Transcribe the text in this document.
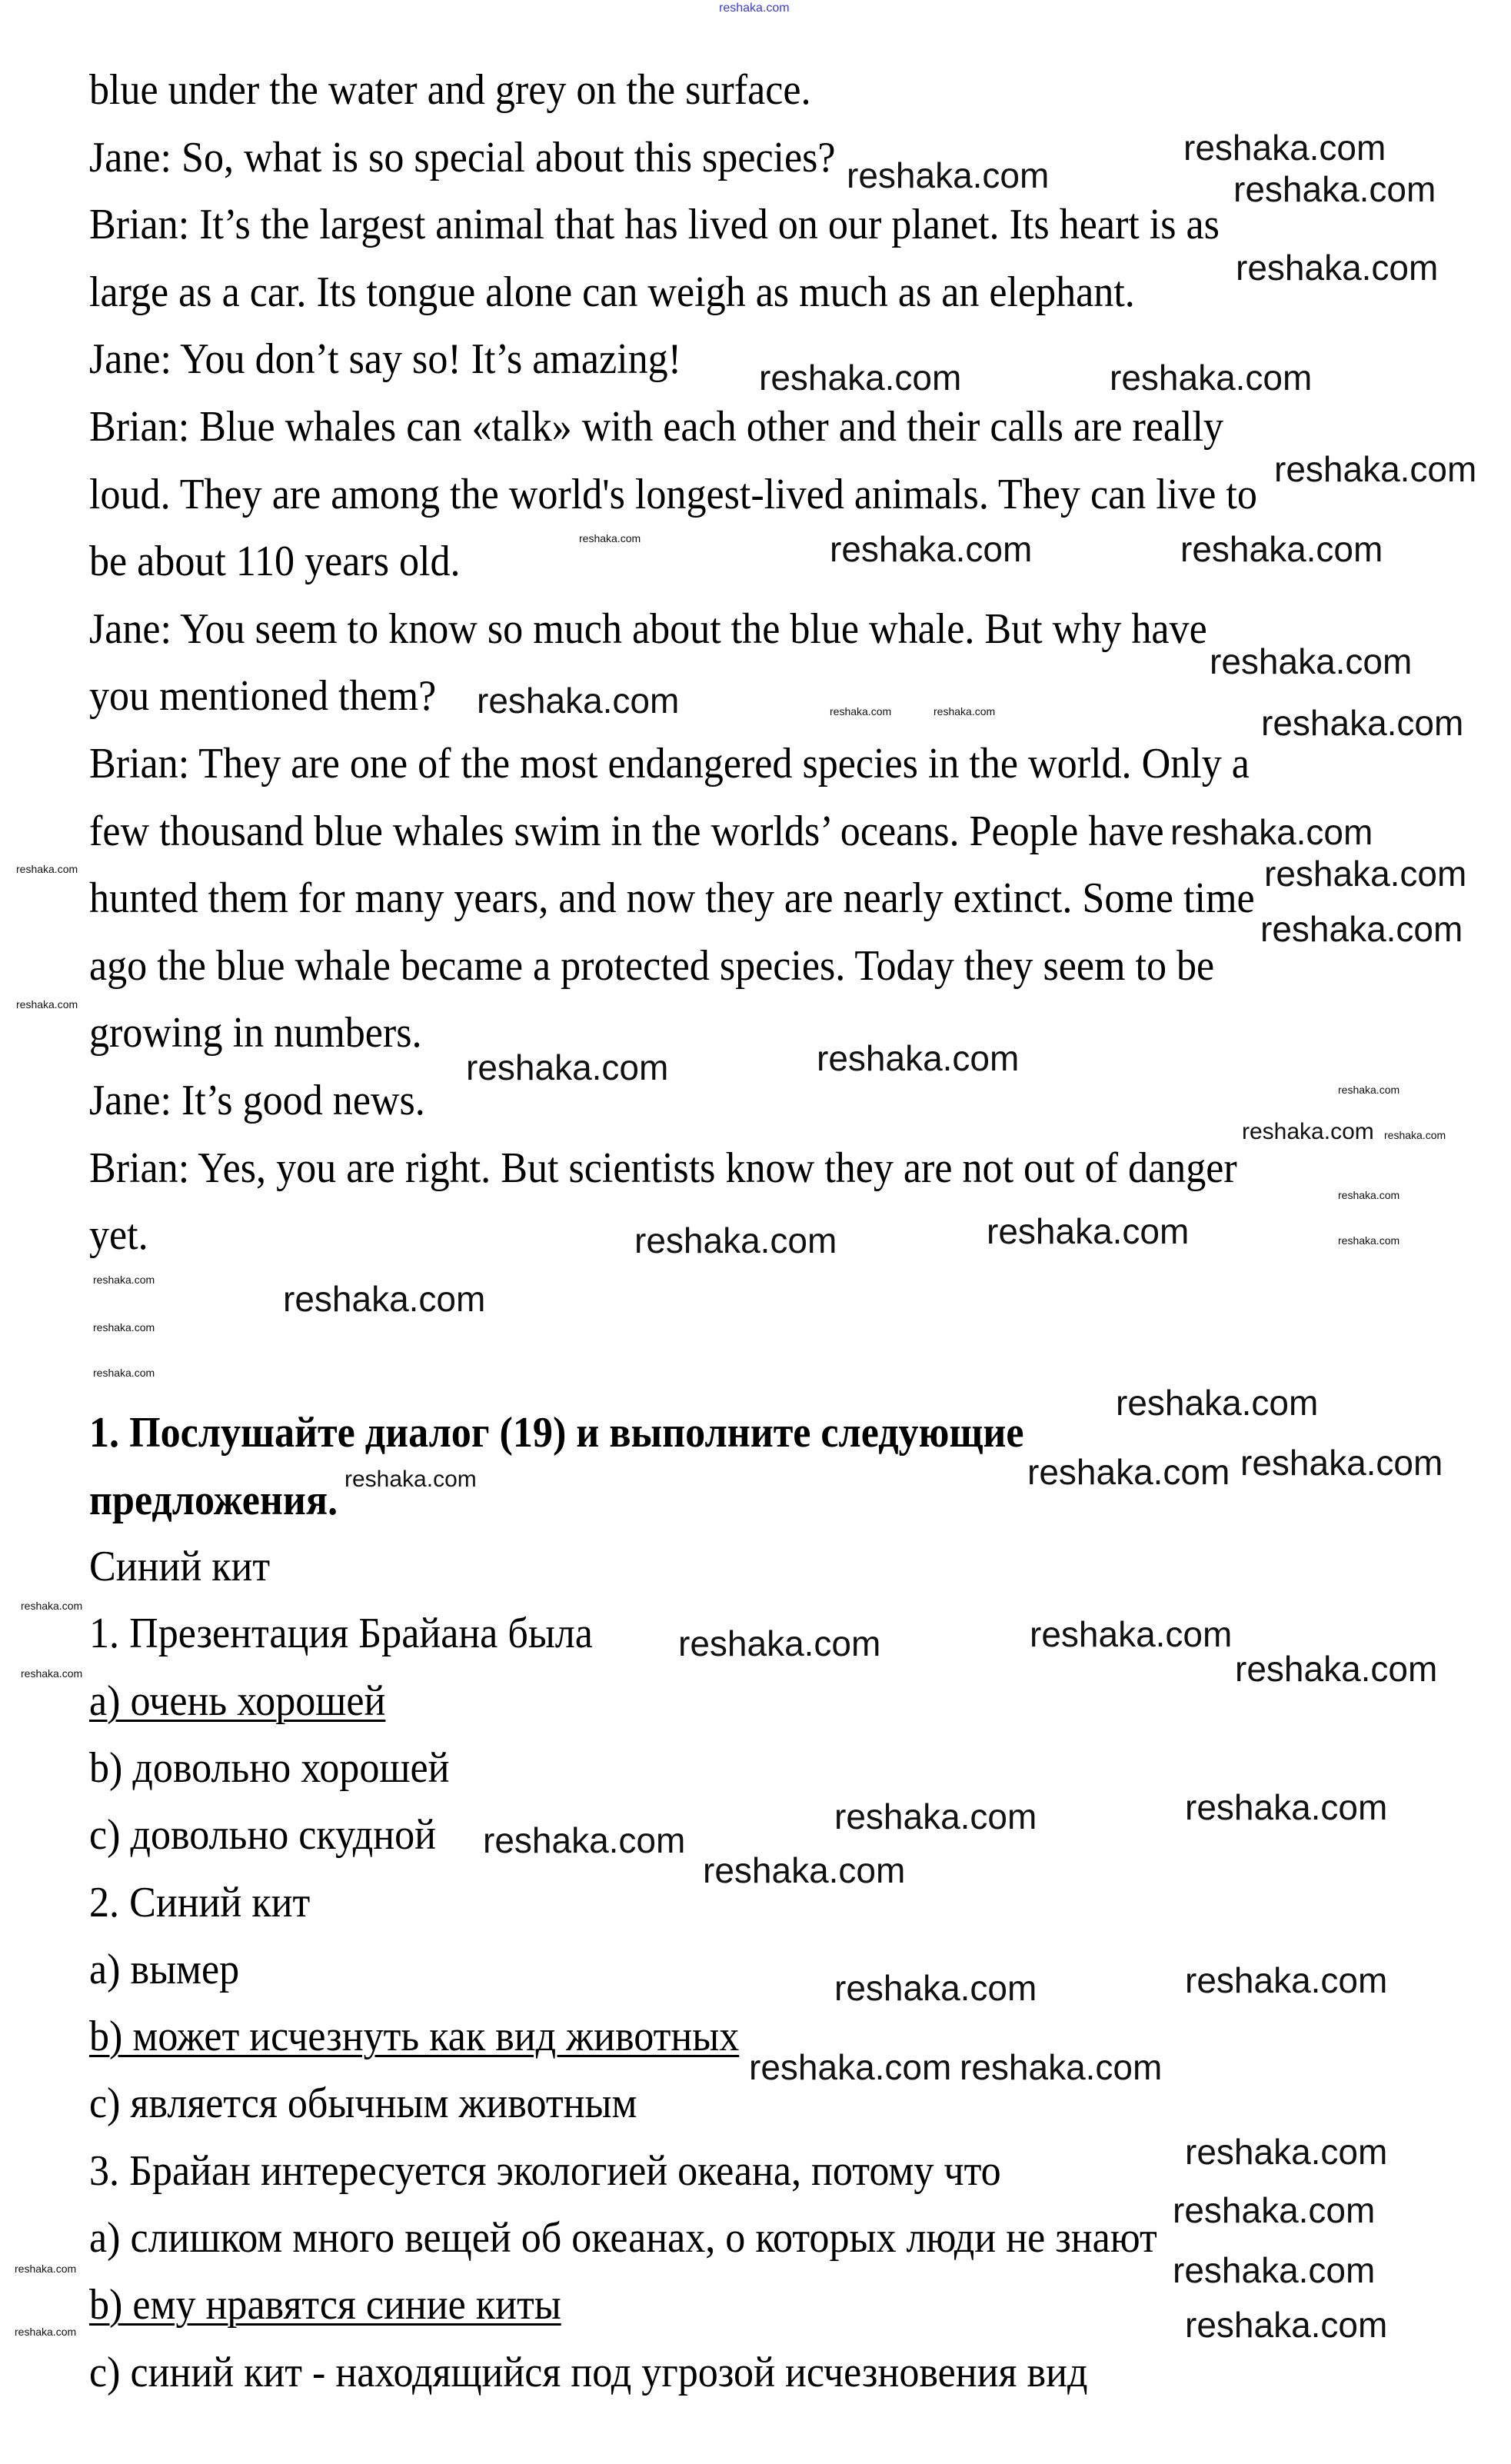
reshaka.com
blue under the water and grey on the surface.
Jane: So, what is so special about this species?
Brian: It’s the largest animal that has lived on our planet. Its heart is as
large as a car. Its tongue alone can weigh as much as an elephant.
Jane: You don’t say so! It’s amazing!
Brian: Blue whales can «talk» with each other and their calls are really
loud. They are among the world's longest-lived animals. They can live to
be about 110 years old.
Jane: You seem to know so much about the blue whale. But why have
you mentioned them?
Brian: They are one of the most endangered species in the world. Only a
few thousand blue whales swim in the worlds’ oceans. People have
hunted them for many years, and now they are nearly extinct. Some time
ago the blue whale became a protected species. Today they seem to be
growing in numbers.
Jane: It’s good news.
Brian: Yes, you are right. But scientists know they are not out of danger
yet.
1. Послушайте диалог (19) и выполните следующие
предложения.
Синий кит
1. Презентация Брайана была
a) очень хорошей
b) довольно хорошей
c) довольно скудной
2. Синий кит
a) вымер
b) может исчезнуть как вид животных
c) является обычным животным
3. Брайан интересуется экологией океана, потому что
a) слишком много вещей об океанах, о которых люди не знают
b) ему нравятся синие киты
c) синий кит - находящийся под угрозой исчезновения вид
reshaka.com
reshaka.com
reshaka.com
reshaka.com
reshaka.com	reshaka.com
reshaka.com
reshaka.com	reshaka.com
reshaka.com
reshaka.com
reshaka.com
reshaka.com
reshaka.com
reshaka.com
reshaka.com	reshaka.com
reshaka.com	reshaka.com
reshaka.com
reshaka.com
reshaka.com reshaka.com
reshaka.com	reshaka.com
reshaka.com
reshaka.com	reshaka.com
reshaka.com
reshaka.com
reshaka.com	reshaka.com
reshaka.com reshaka.com
reshaka.com
reshaka.com
reshaka.com
reshaka.com
reshaka.com
reshaka.com
reshaka.com
reshaka.com	reshaka.com
reshaka.com
reshaka.com
reshaka.com
reshaka.com
reshaka.com
reshaka.com
reshaka.com
reshaka.com
reshaka.com
reshaka.com
reshaka.com
reshaka.com
reshaka.com
